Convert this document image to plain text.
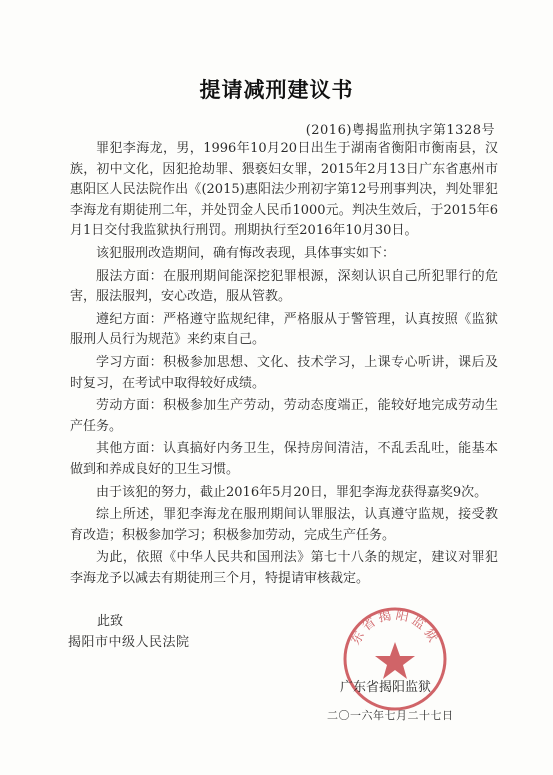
提请减刑建议书
(2016)粤揭监刑执字第1328号

罪犯李海龙，男，1996年10月20日出生于湖南省衡阳市衡南县，汉族，初中文化，因犯抢劫罪、猥亵妇女罪，2015年2月13日广东省惠州市惠阳区人民法院作出《(2015)惠阳法少刑初字第12号刑事判决，判处罪犯李海龙有期徒刑二年，并处罚金人民币1000元。判决生效后，于2015年6月1日交付我监狱执行刑罚。刑期执行至2016年10月30日。

该犯服刑改造期间，确有悔改表现，具体事实如下：

服法方面：在服刑期间能深挖犯罪根源，深刻认识自己所犯罪行的危害，服法服判，安心改造，服从管教。

遵纪方面：严格遵守监规纪律，严格服从于警管理，认真按照《监狱服刑人员行为规范》来约束自己。

学习方面：积极参加思想、文化、技术学习，上课专心听讲，课后及时复习，在考试中取得较好成绩。

劳动方面：积极参加生产劳动，劳动态度端正，能较好地完成劳动生产任务。

其他方面：认真搞好内务卫生，保持房间清洁，不乱丢乱吐，能基本做到和养成良好的卫生习惯。

由于该犯的努力，截止2016年5月20日，罪犯李海龙获得嘉奖9次。

综上所述，罪犯李海龙在服刑期间认罪服法，认真遵守监规，接受教育改造；积极参加学习；积极参加劳动，完成生产任务。

为此，依照《中华人民共和国刑法》第七十八条的规定，建议对罪犯李海龙予以减去有期徒刑三个月，特提请审核裁定。

此致
揭阳市中级人民法院	东省揭阳监狱
广东省揭阳监狱
二〇一六年七月二十七日
